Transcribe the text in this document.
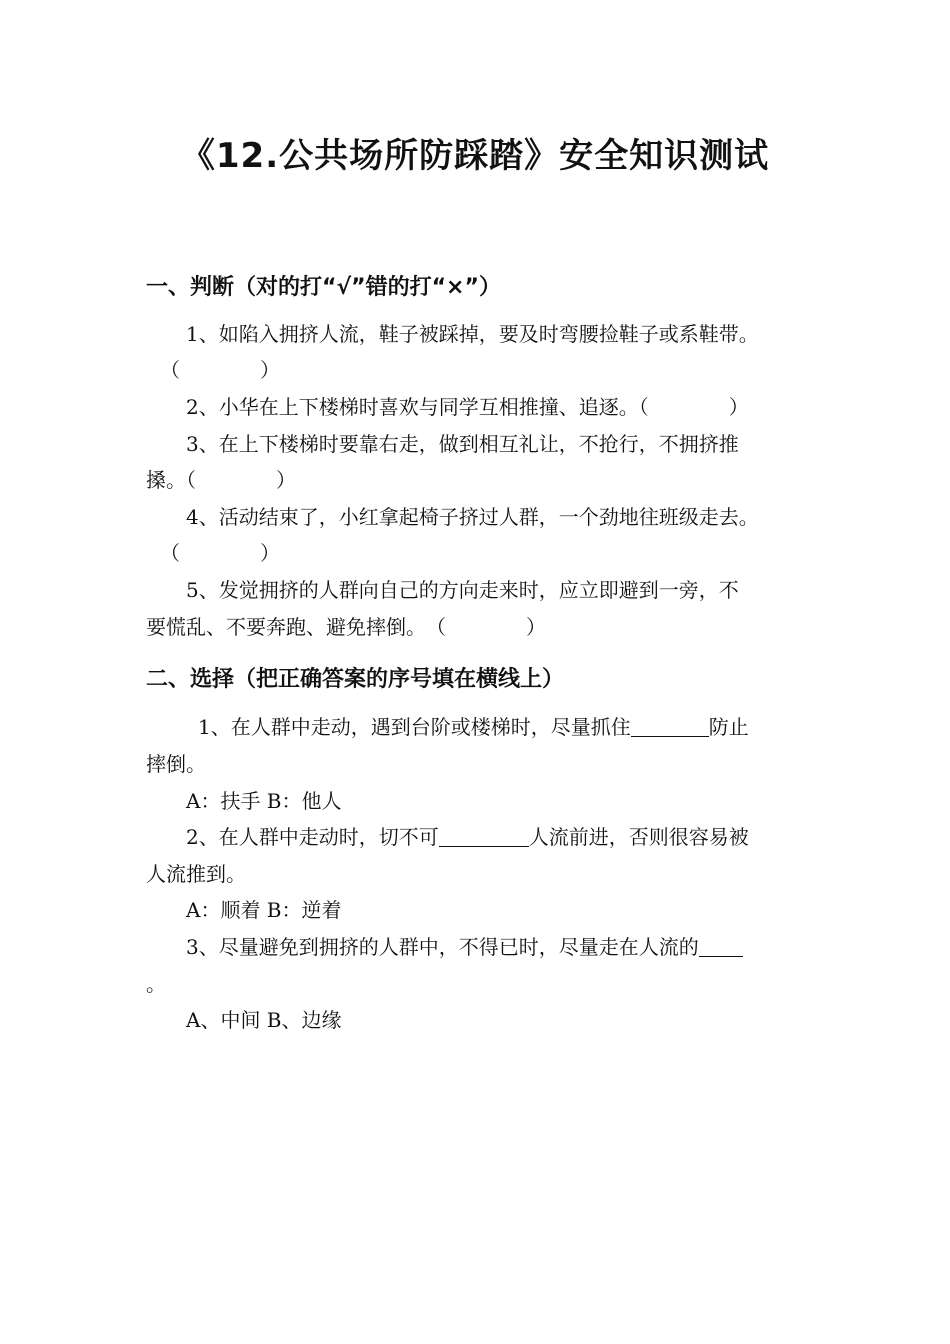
《12.公共场所防踩踏》安全知识测试
一、判断（对的打“√”错的打“×”）
1、如陷入拥挤人流，鞋子被踩掉，要及时弯腰捡鞋子或系鞋带。
（　　　　）
2、小华在上下楼梯时喜欢与同学互相推撞、追逐。（　　　　）
3、在上下楼梯时要靠右走，做到相互礼让，不抢行，不拥挤推
搡。（　　　　）
4、活动结束了，小红拿起椅子挤过人群，一个劲地往班级走去。
（　　　　）
5、发觉拥挤的人群向自己的方向走来时，应立即避到一旁，不
要慌乱、不要奔跑、避免摔倒。　（　　　　）
二、选择（把正确答案的序号填在横线上）
1、在人群中走动，遇到台阶或楼梯时，尽量抓住	防止
摔倒。
A：扶手 B：他人
2、在人群中走动时，切不可	人流前进，否则很容易被
人流推到。
A：顺着 B：逆着
3、尽量避免到拥挤的人群中，不得已时，尽量走在人流的
。
A、中间 B、边缘
